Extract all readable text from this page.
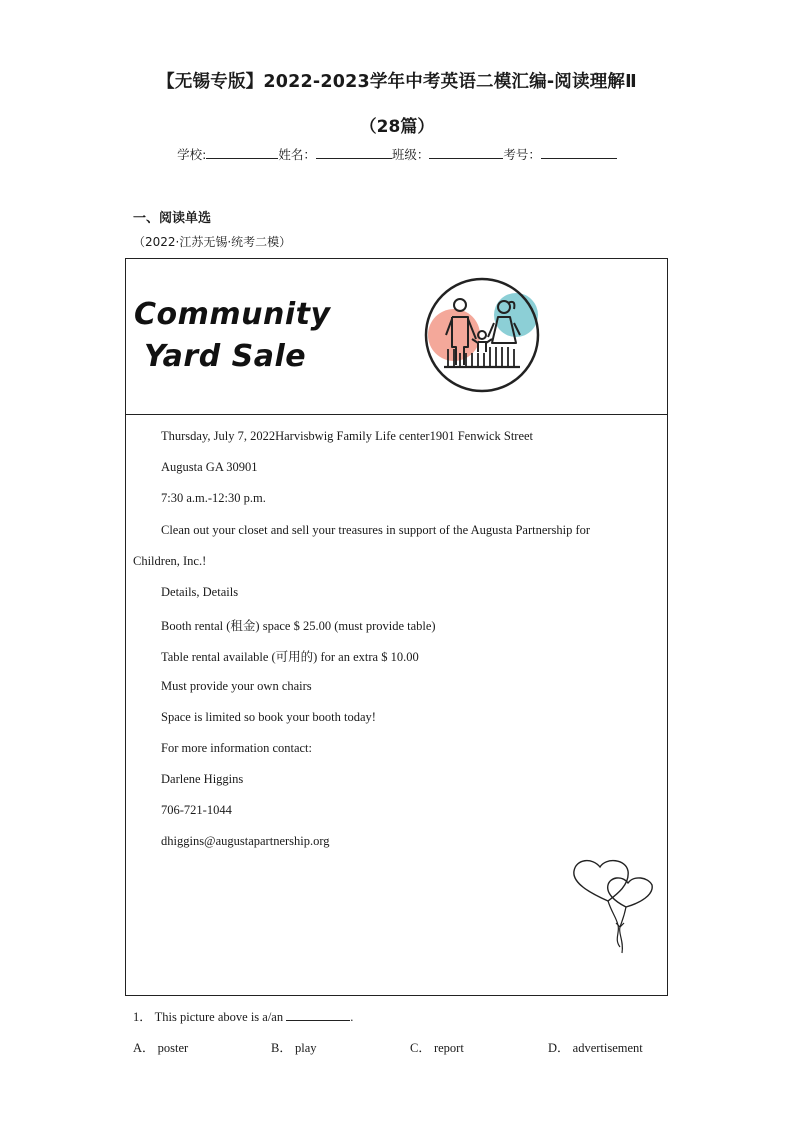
【无锡专版】2022-2023学年中考英语二模汇编-阅读理解Ⅱ
（28篇）
学校:	姓名：	班级：	考号：
一、阅读单选
（2022·江苏无锡·统考二模）
Community
Yard Sale
Thursday, July 7, 2022Harvisbwig Family Life center1901 Fenwick Street
Augusta GA 30901
7:30 a.m.-12:30 p.m.
Clean out your closet and sell your treasures in support of the Augusta Partnership for
Children, Inc.!
Details, Details
Booth rental (租金) space $ 25.00 (must provide table)
Table rental available (可用的) for an extra $ 10.00
Must provide your own chairs
Space is limited so book your booth today!
For more information contact:
Darlene Higgins
706-721-1044
dhiggins@augustapartnership.org
1． This picture above is a/an	.
A． poster	B． play	C． report	D． advertisement
